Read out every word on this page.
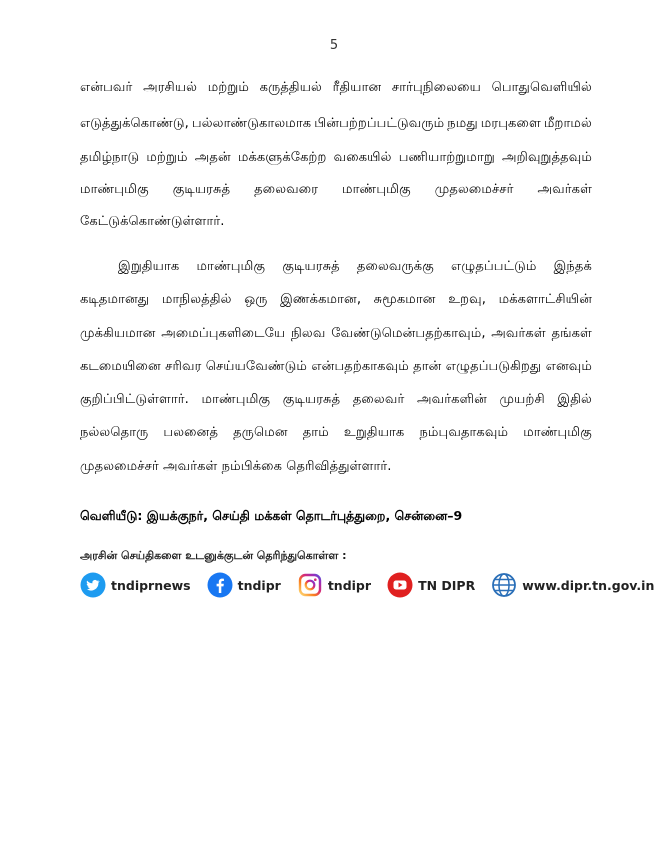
5
என்பவர் அரசியல் மற்றும் கருத்தியல் ரீதியான சார்புநிலையை பொதுவெளியில்
எடுத்துக்கொண்டு, பல்லாண்டுகாலமாக பின்பற்றப்பட்டுவரும் நமது மரபுகளை மீறாமல்
தமிழ்நாடு மற்றும் அதன் மக்களுக்கேற்ற வகையில் பணியாற்றுமாறு அறிவுறுத்தவும்
மாண்புமிகு குடியரசுத் தலைவரை மாண்புமிகு முதலமைச்சர் அவர்கள்
கேட்டுக்கொண்டுள்ளார்.
இறுதியாக மாண்புமிகு குடியரசுத் தலைவருக்கு எழுதப்பட்டும் இந்தக்
கடிதமானது மாநிலத்தில் ஒரு இணக்கமான, சுமூகமான உறவு, மக்களாட்சியின்
முக்கியமான அமைப்புகளிடையே நிலவ வேண்டுமென்பதற்காவும், அவர்கள் தங்கள்
கடமையினை சரிவர செய்யவேண்டும் என்பதற்காகவும் தான் எழுதப்படுகிறது எனவும்
குறிப்பிட்டுள்ளார். மாண்புமிகு குடியரசுத் தலைவர் அவர்களின் முயற்சி இதில்
நல்லதொரு பலனைத் தருமென தாம் உறுதியாக நம்புவதாகவும் மாண்புமிகு
முதலமைச்சர் அவர்கள் நம்பிக்கை தெரிவித்துள்ளார்.
வெளியீடு: இயக்குநர், செய்தி மக்கள் தொடர்புத்துறை, சென்னை–9
அரசின் செய்திகளை உடனுக்குடன் தெரிந்துகொள்ள :
tndiprnews	tndipr	tndipr	TN DIPR	www.dipr.tn.gov.in
